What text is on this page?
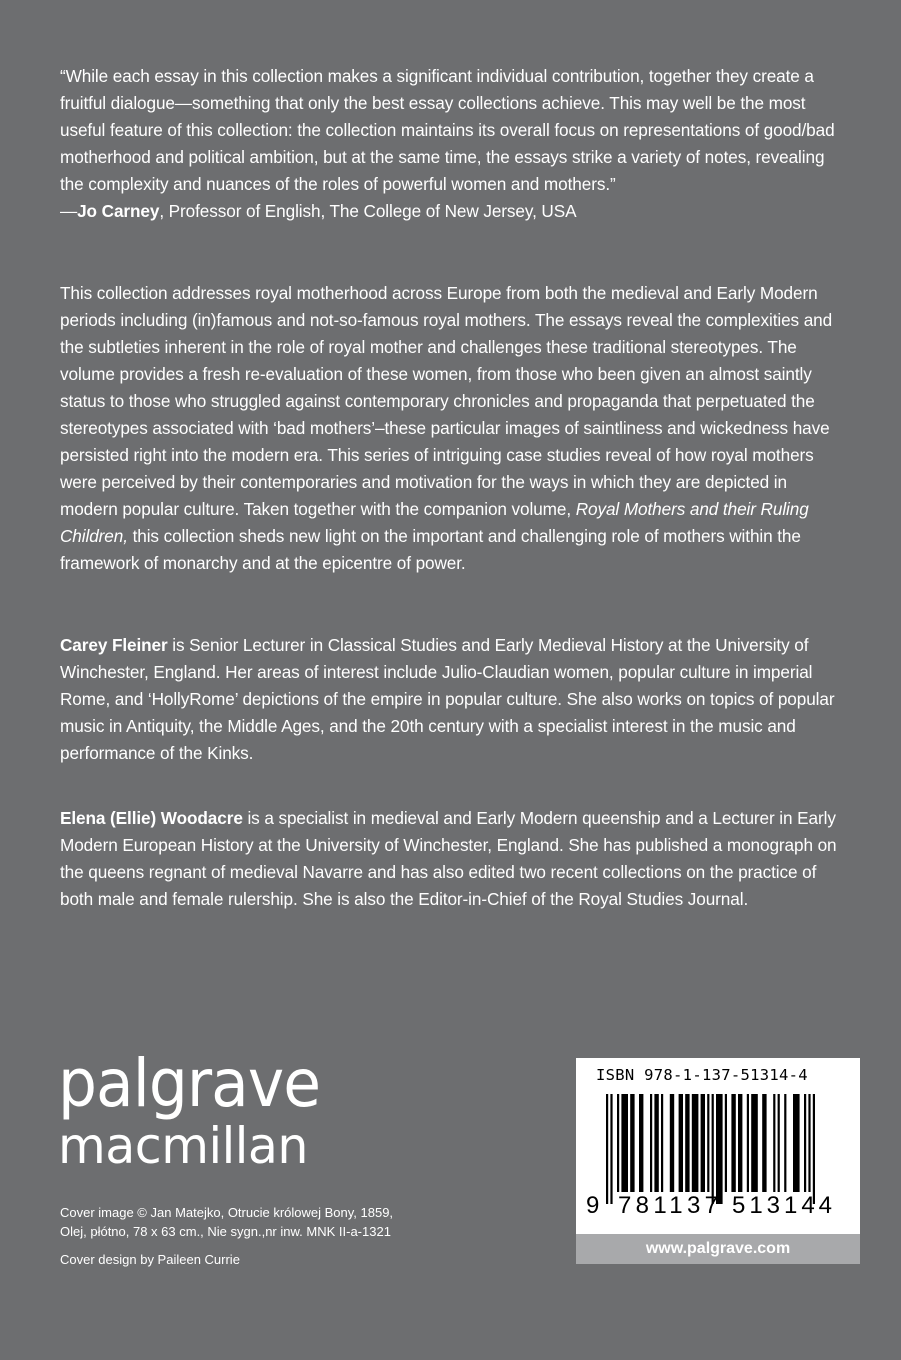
“While each essay in this collection makes a significant individual contribution, together they create a fruitful dialogue—something that only the best essay collections achieve. This may well be the most useful feature of this collection: the collection maintains its overall focus on representations of good/bad motherhood and political ambition, but at the same time, the essays strike a variety of notes, revealing the complexity and nuances of the roles of powerful women and mothers.”
—Jo Carney, Professor of English, The College of New Jersey, USA

This collection addresses royal motherhood across Europe from both the medieval and Early Modern periods including (in)famous and not-so-famous royal mothers. The essays reveal the complexities and the subtleties inherent in the role of royal mother and challenges these traditional stereotypes. The volume provides a fresh re-evaluation of these women, from those who been given an almost saintly status to those who struggled against contemporary chronicles and propaganda that perpetuated the stereotypes associated with ‘bad mothers’–these particular images of saintliness and wickedness have persisted right into the modern era. This series of intriguing case studies reveal of how royal mothers were perceived by their contemporaries and motivation for the ways in which they are depicted in modern popular culture. Taken together with the companion volume, Royal Mothers and their Ruling Children, this collection sheds new light on the important and challenging role of mothers within the framework of monarchy and at the epicentre of power.

Carey Fleiner is Senior Lecturer in Classical Studies and Early Medieval History at the University of Winchester, England. Her areas of interest include Julio-Claudian women, popular culture in imperial Rome, and ‘HollyRome’ depictions of the empire in popular culture. She also works on topics of popular music in Antiquity, the Middle Ages, and the 20th century with a specialist interest in the music and performance of the Kinks.

Elena (Ellie) Woodacre is a specialist in medieval and Early Modern queenship and a Lecturer in Early Modern European History at the University of Winchester, England. She has published a monograph on the queens regnant of medieval Navarre and has also edited two recent collections on the practice of both male and female rulership. She is also the Editor-in-Chief of the Royal Studies Journal.

palgrave
macmillan

Cover image © Jan Matejko, Otrucie królowej Bony, 1859,

Olej, płótno, 78 x 63 cm., Nie sygn.,nr inw. MNK II-a-1321

Cover design by Paileen Currie

ISBN 978-1-137-51314-4
9 781137 513144
www.palgrave.com
